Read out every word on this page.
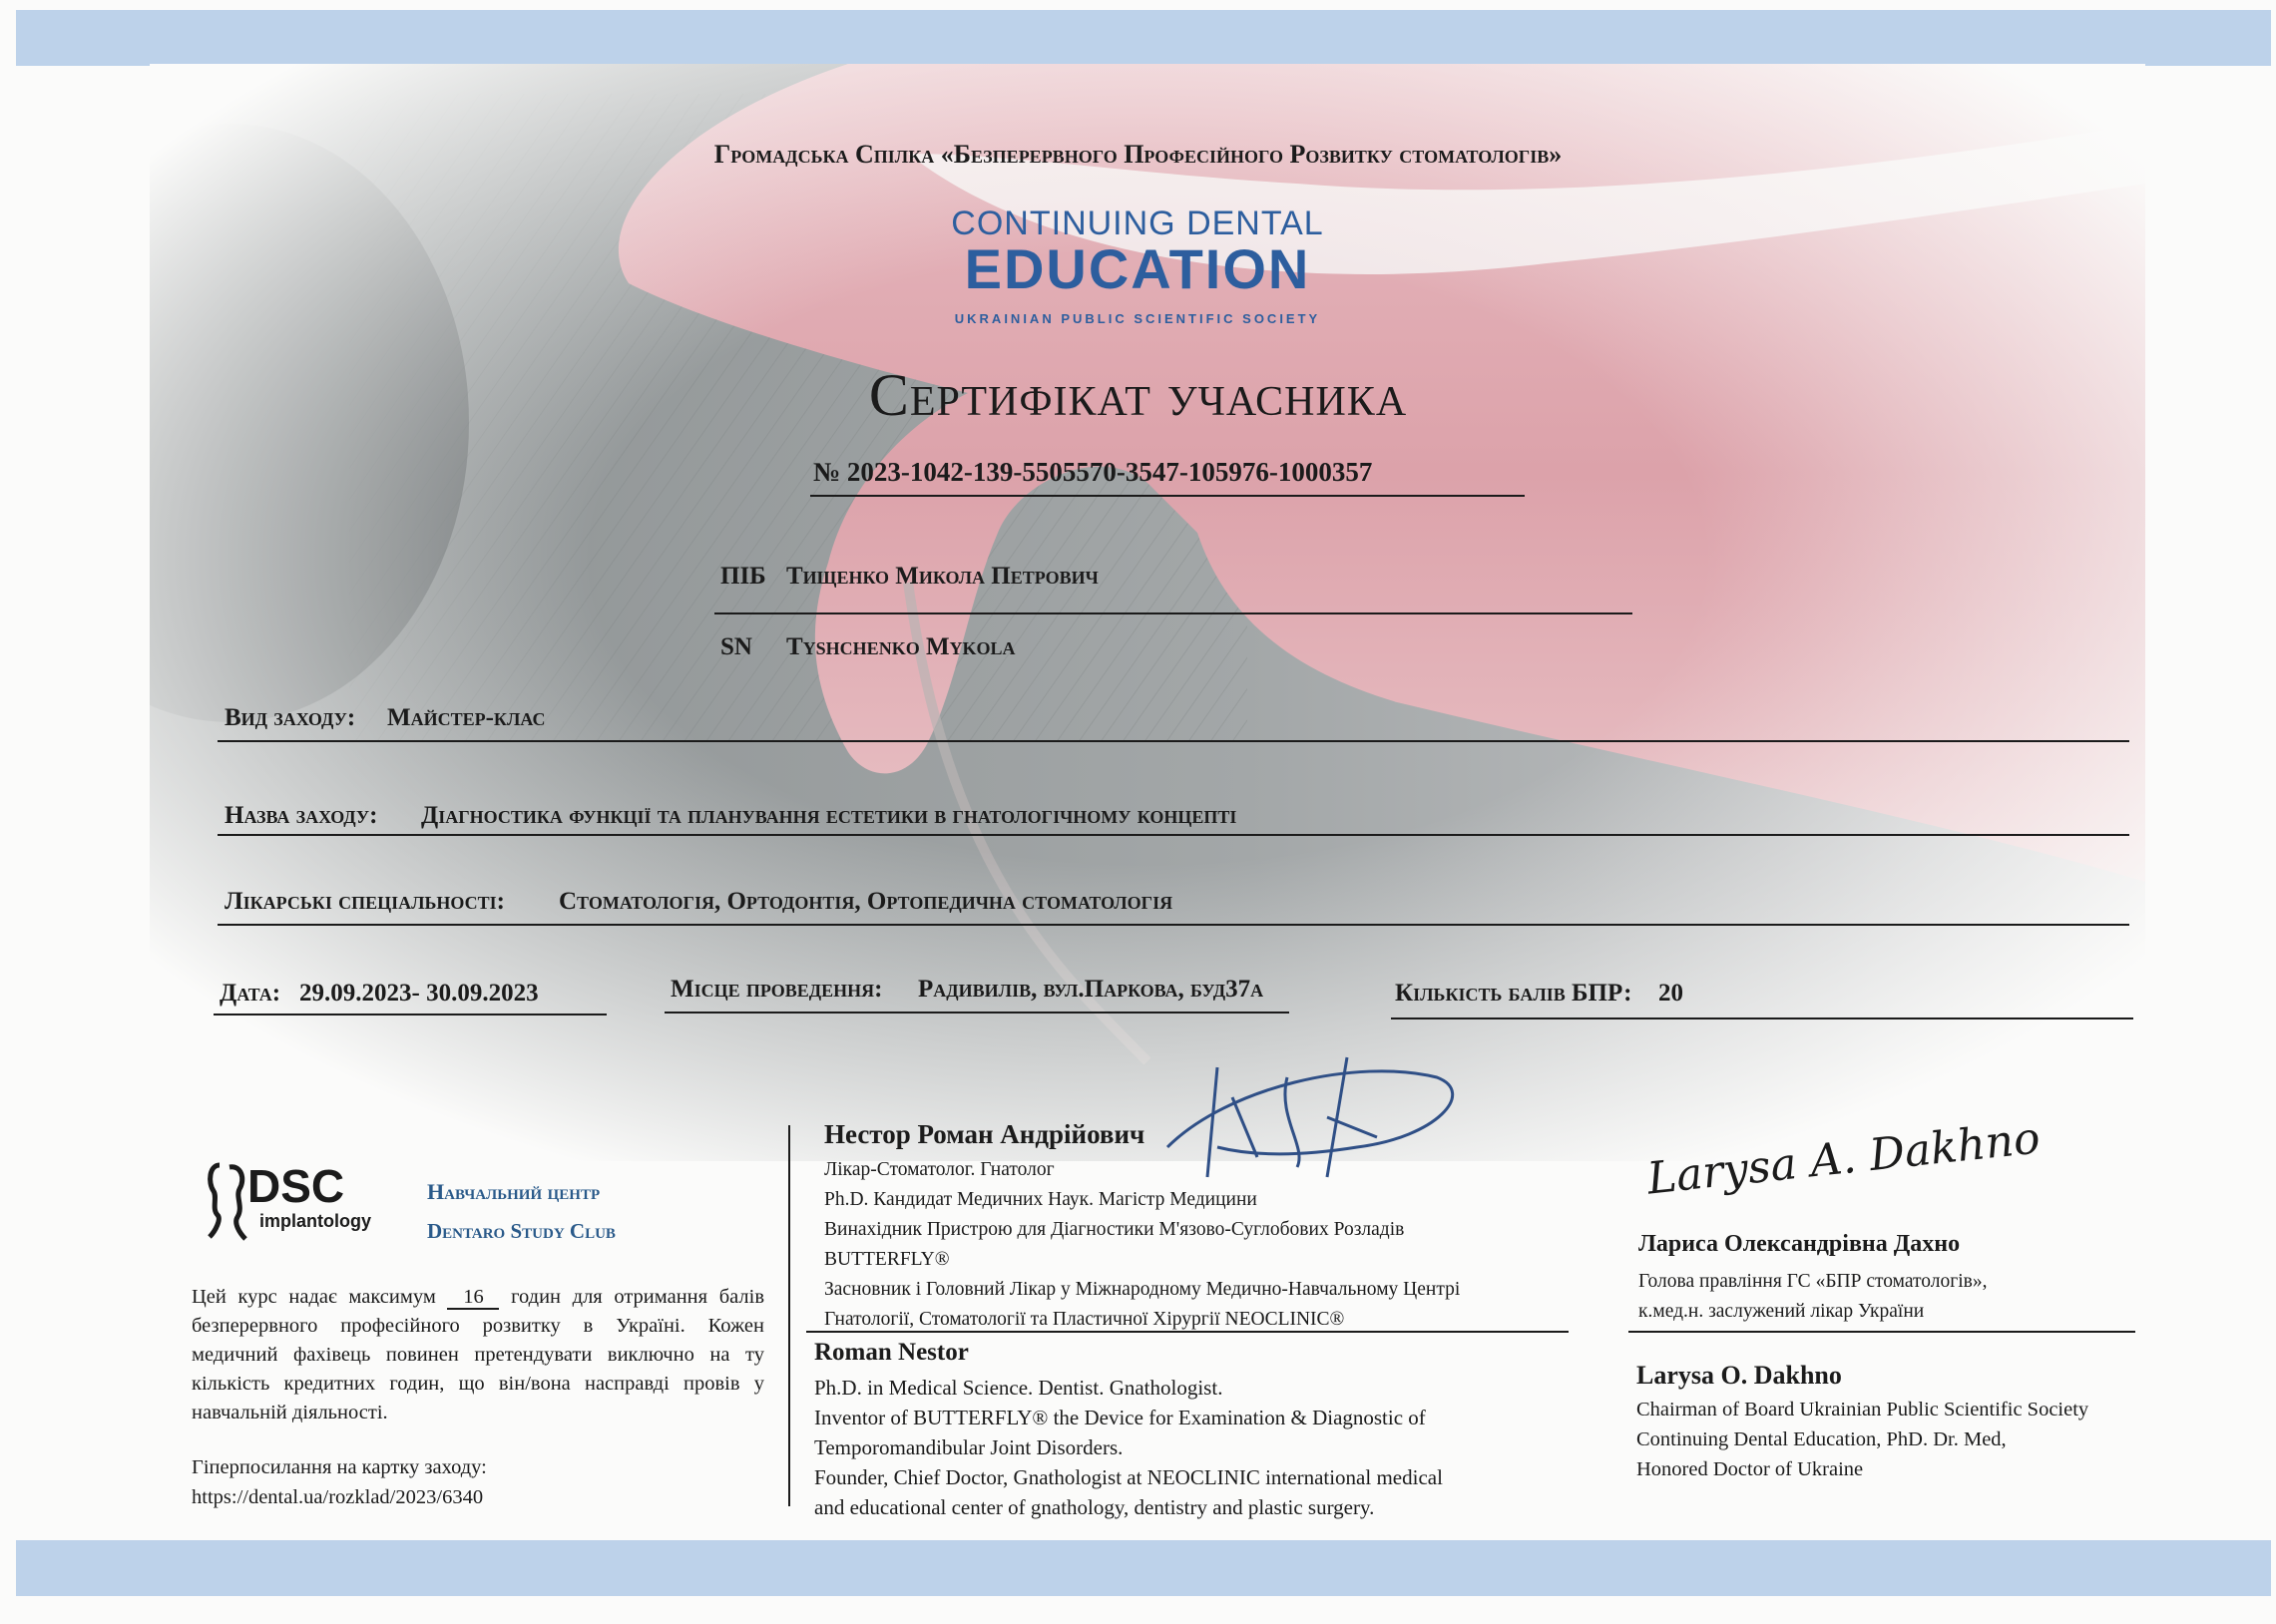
Громадська Спілка «Безперервного Професійного Розвитку стоматологів»
CONTINUING DENTAL
EDUCATION
UKRAINIAN PUBLIC SCIENTIFIC SOCIETY
Сертифікат учасника
№ 2023-1042-139-5505570-3547-105976-1000357
ПІБ Тищенко Микола Петрович
SN Tyshchenko Mykola
Вид заходу: Майстер-клас
Назва заходу: Діагностика функції та планування естетики в гнатологічному концепті
Лікарські спеціальності: Стоматологія, Ортодонтія, Ортопедична стоматологія
Дата: 29.09.2023- 30.09.2023	Місце проведення: Радивилів, вул.Паркова, буд37а	Кількість балів БПР: 20
DSC
implantology
Навчальний центр
Dentaro Study Club
Цей курс надає максимум 16 годин для отримання балів безперервного професійного розвитку в Україні. Кожен медичний фахівець повинен претендувати виключно на ту кількість кредитних годин, що він/вона насправді провів у навчальній діяльності.
Гіперпосилання на картку заходу:
https://dental.ua/rozklad/2023/6340
Нестор Роман Андрійович
Лікар-Стоматолог. Гнатолог
Ph.D. Кандидат Медичних Наук. Магістр Медицини
Винахідник Пристрою для Діагностики М'язово-Суглобових Розладів
BUTTERFLY®
Засновник і Головний Лікар у Міжнародному Медично-Навчальному Центрі
Гнатології, Стоматології та Пластичної Хірургії NEOCLINIC®
Roman Nestor
Ph.D. in Medical Science. Dentist. Gnathologist.
Inventor of BUTTERFLY® the Device for Examination & Diagnostic of
Temporomandibular Joint Disorders.
Founder, Chief Doctor, Gnathologist at NEOCLINIC international medical
and educational center of gnathology, dentistry and plastic surgery.
Larysa A. Dakhno
Лариса Олександрівна Дахно
Голова правління ГС «БПР стоматологів»,
к.мед.н. заслужений лікар України
Larysa O. Dakhno
Chairman of Board Ukrainian Public Scientific Society
Continuing Dental Education, PhD. Dr. Med,
Honored Doctor of Ukraine
